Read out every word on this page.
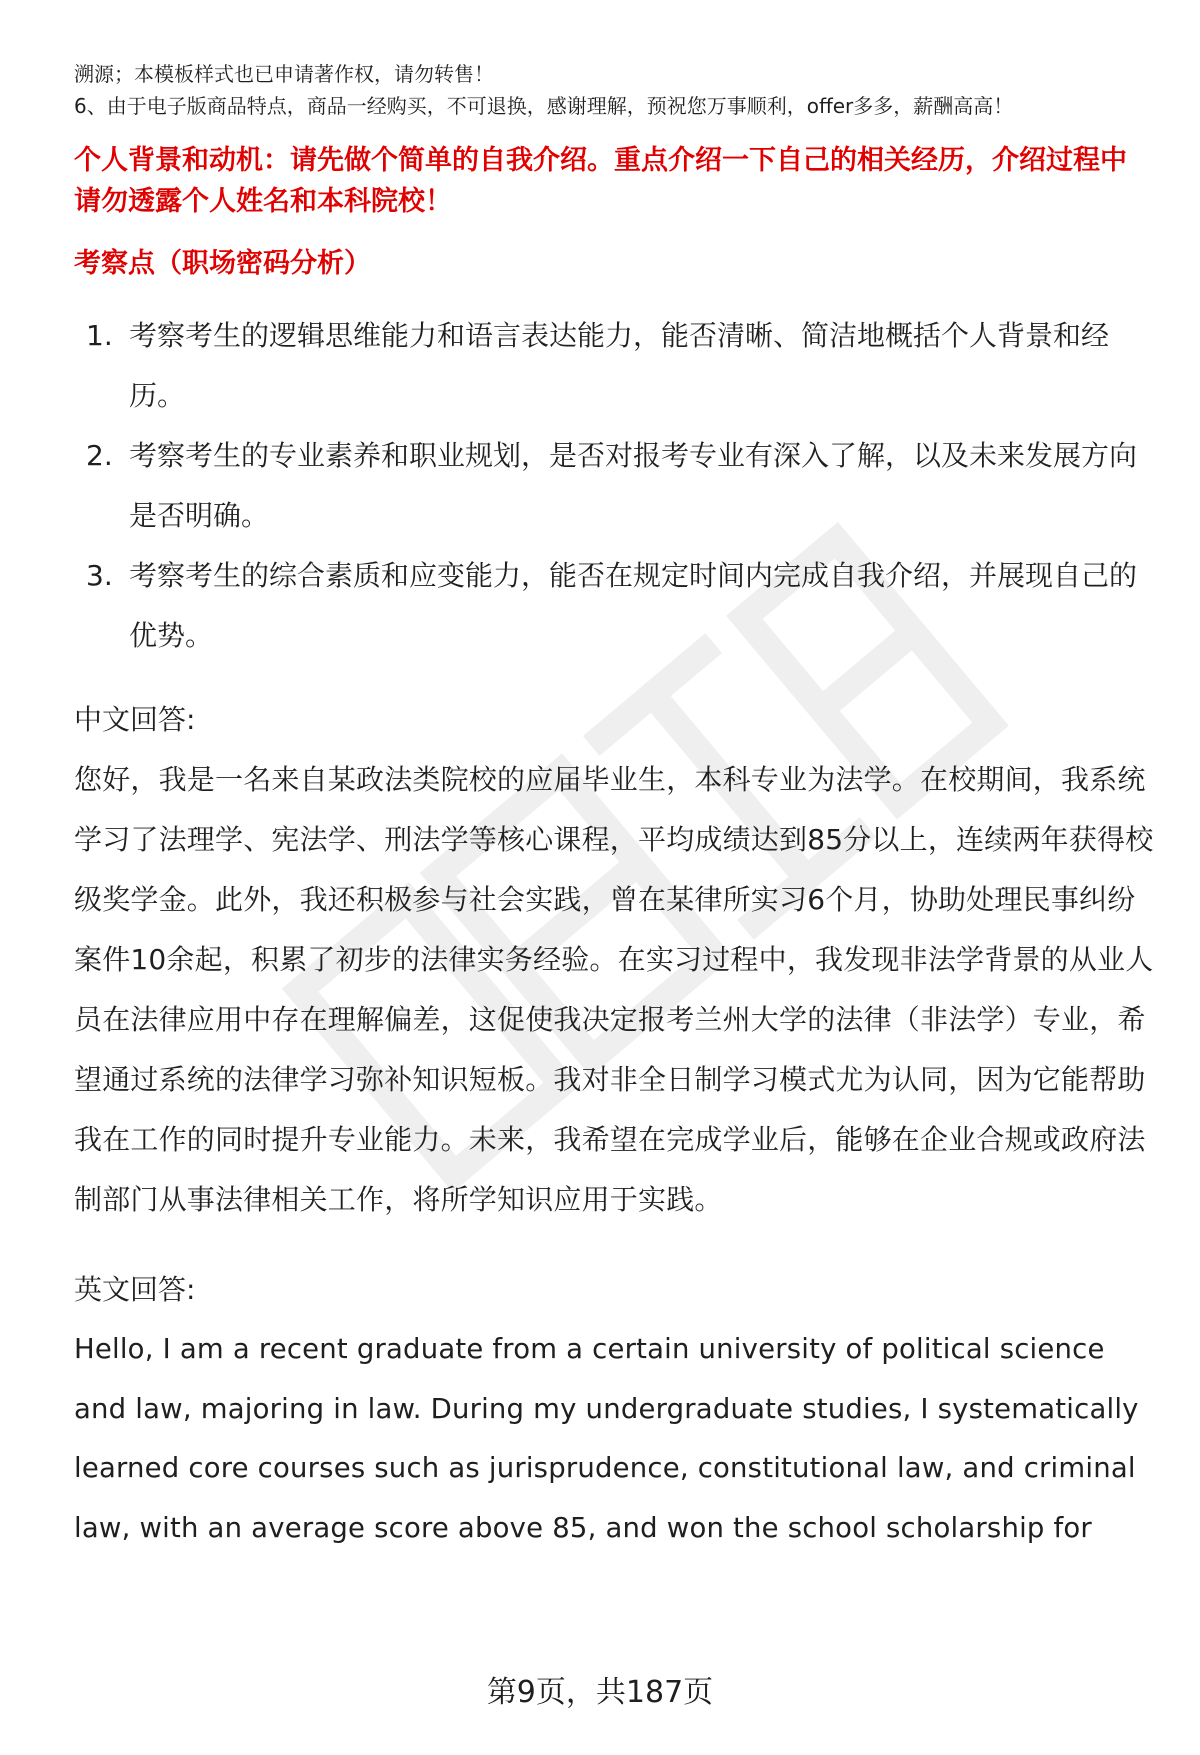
溯源；本模板样式也已申请著作权，请勿转售！

6、由于电子版商品特点，商品一经购买，不可退换，感谢理解，预祝您万事顺利，offer多多，薪酬高高！

个人背景和动机：请先做个简单的自我介绍。重点介绍一下自己的相关经历，介绍过程中请勿透露个人姓名和本科院校！

考察点（职场密码分析）

1. 考察考生的逻辑思维能力和语言表达能力，能否清晰、简洁地概括个人背景和经历。
2. 考察考生的专业素养和职业规划，是否对报考专业有深入了解，以及未来发展方向是否明确。
3. 考察考生的综合素质和应变能力，能否在规定时间内完成自我介绍，并展现自己的优势。

中文回答:

您好，我是一名来自某政法类院校的应届毕业生，本科专业为法学。在校期间，我系统学习了法理学、宪法学、刑法学等核心课程，平均成绩达到85分以上，连续两年获得校级奖学金。此外，我还积极参与社会实践，曾在某律所实习6个月，协助处理民事纠纷案件10余起，积累了初步的法律实务经验。在实习过程中，我发现非法学背景的从业人员在法律应用中存在理解偏差，这促使我决定报考兰州大学的法律（非法学）专业，希望通过系统的法律学习弥补知识短板。我对非全日制学习模式尤为认同，因为它能帮助我在工作的同时提升专业能力。未来，我希望在完成学业后，能够在企业合规或政府法制部门从事法律相关工作，将所学知识应用于实践。

英文回答:

Hello, I am a recent graduate from a certain university of political science and law, majoring in law. During my undergraduate studies, I systematically learned core courses such as jurisprudence, constitutional law, and criminal law, with an average score above 85, and won the school scholarship for

第9页，共187页
